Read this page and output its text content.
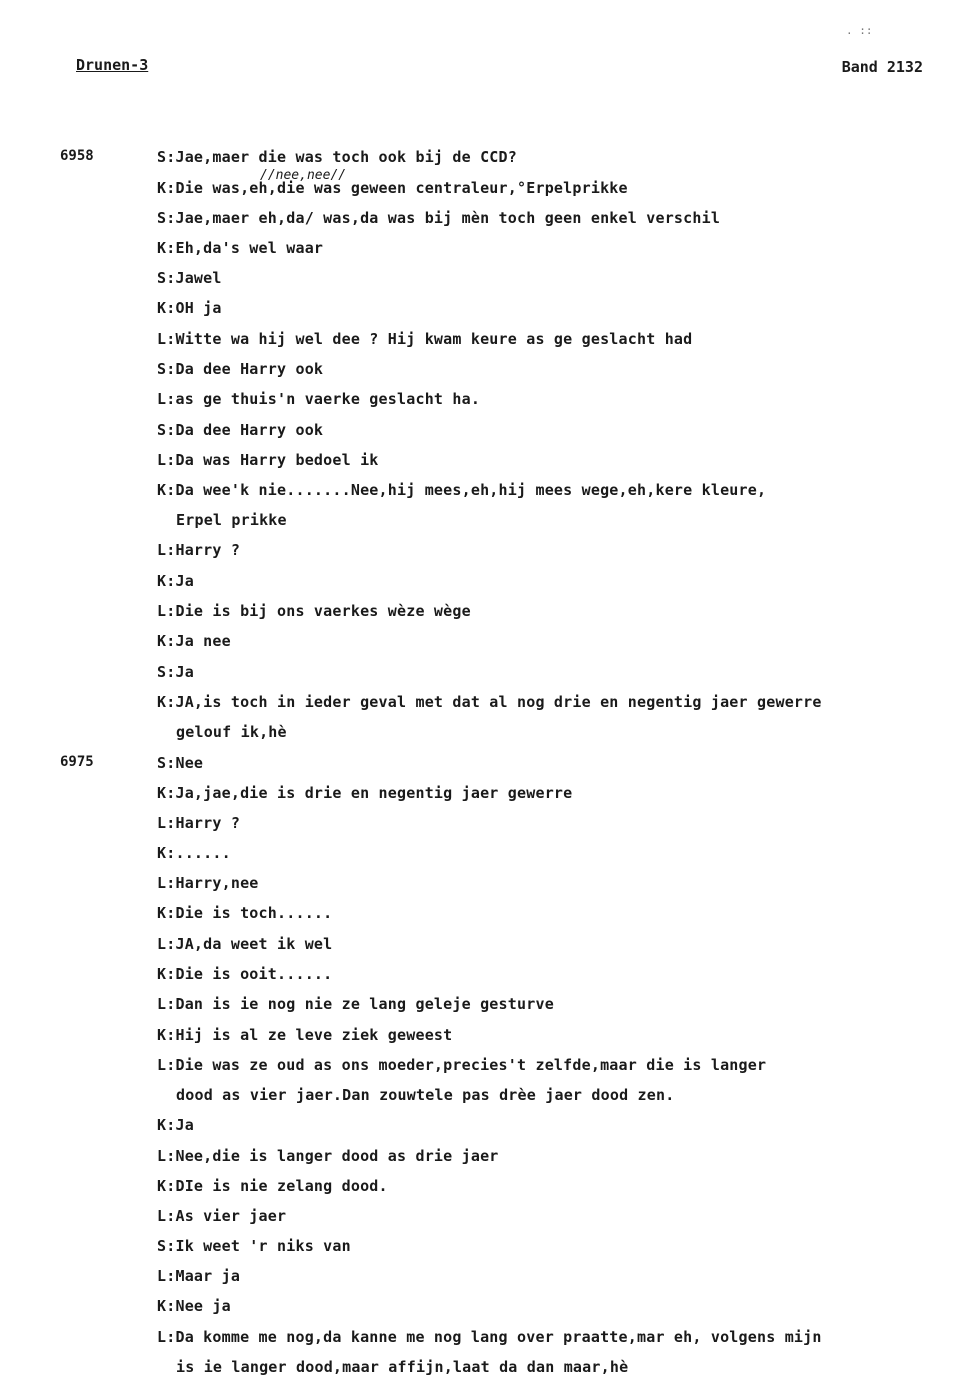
. ::
Drunen-3	Band 2132
6958
6975
//nee,nee//
S:Jae,maer die was toch ook bij de CCD?
K:Die was,eh,die was geween centraleur,°Erpelprikke
S:Jae,maer eh,da/ was,da was bij mèn toch geen enkel verschil
K:Eh,da's wel waar
S:Jawel
K:OH ja
L:Witte wa hij wel dee ? Hij kwam keure as ge geslacht had
S:Da dee Harry ook
L:as ge thuis'n vaerke geslacht ha.
S:Da dee Harry ook
L:Da was Harry bedoel ik
K:Da wee'k nie.......Nee,hij mees,eh,hij mees wege,eh,kere kleure,
Erpel prikke
L:Harry ?
K:Ja
L:Die is bij ons vaerkes wèze wège
K:Ja nee
S:Ja
K:JA,is toch in ieder geval met dat al nog drie en negentig jaer gewerre
gelouf ik,hè
S:Nee
K:Ja,jae,die is drie en negentig jaer gewerre
L:Harry ?
K:......
L:Harry,nee
K:Die is toch......
L:JA,da weet ik wel
K:Die is ooit......
L:Dan is ie nog nie ze lang geleje gesturve
K:Hij is al ze leve ziek geweest
L:Die was ze oud as ons moeder,precies't zelfde,maar die is langer
dood as vier jaer.Dan zouwtele pas drèe jaer dood zen.
K:Ja
L:Nee,die is langer dood as drie jaer
K:DIe is nie zelang dood.
L:As vier jaer
S:Ik weet 'r niks van
L:Maar ja
K:Nee ja
L:Da komme me nog,da kanne me nog lang over praatte,mar eh, volgens mijn
is ie langer dood,maar affijn,laat da dan maar,hè
